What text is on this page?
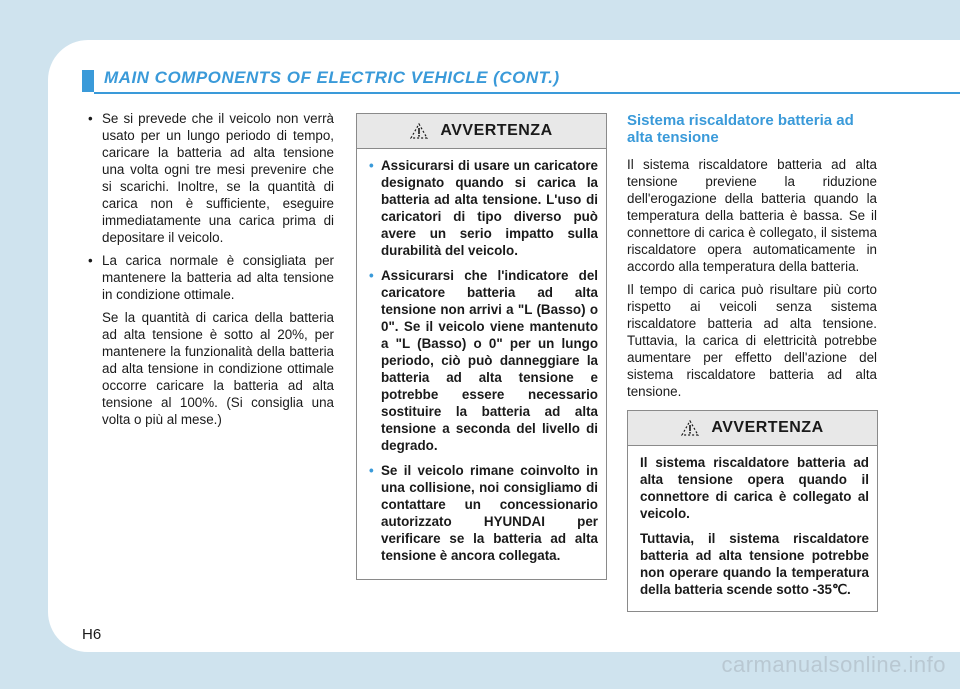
MAIN COMPONENTS OF ELECTRIC VEHICLE (CONT.)
• Se si prevede che il veicolo non verrà usato per un lungo periodo di tempo, caricare la batteria ad alta tensione una volta ogni tre mesi prevenire che si scarichi. Inoltre, se la quantità di carica non è sufficiente, eseguire immediatamente una carica prima di depositare il veicolo.
• La carica normale è consigliata per mantenere la batteria ad alta tensione in condizione ottimale.

Se la quantità di carica della batteria ad alta tensione è sotto al 20%, per mantenere la funzionalità della batteria ad alta tensione in condizione ottimale occorre caricare la batteria ad alta tensione al 100%. (Si consiglia una volta o più al mese.)

AVVERTENZA
• Assicurarsi di usare un caricatore designato quando si carica la batteria ad alta tensione. L'uso di caricatori di tipo diverso può avere un serio impatto sulla durabilità del veicolo.
• Assicurarsi che l'indicatore del caricatore batteria ad alta tensione non arrivi a "L (Basso) o 0". Se il veicolo viene mantenuto a "L (Basso) o 0" per un lungo periodo, ciò può danneggiare la batteria ad alta tensione e potrebbe essere necessario sostituire la batteria ad alta tensione a seconda del livello di degrado.
• Se il veicolo rimane coinvolto in una collisione, noi consigliamo di contattare un concessionario autorizzato HYUNDAI per verificare se la batteria ad alta tensione è ancora collegata.
Sistema riscaldatore batteria ad alta tensione

Il sistema riscaldatore batteria ad alta tensione previene la riduzione dell'erogazione della batteria quando la temperatura della batteria è bassa. Se il connettore di carica è collegato, il sistema riscaldatore opera automaticamente in accordo alla temperatura della batteria.

Il tempo di carica può risultare più corto rispetto ai veicoli senza sistema riscaldatore batteria ad alta tensione. Tuttavia, la carica di elettricità potrebbe aumentare per effetto dell'azione del sistema riscaldatore batteria ad alta tensione.

AVVERTENZA

Il sistema riscaldatore batteria ad alta tensione opera quando il connettore di carica è collegato al veicolo.

Tuttavia, il sistema riscaldatore batteria ad alta tensione potrebbe non operare quando la temperatura della batteria scende sotto -35℃.

H6
carmanualsonline.info
